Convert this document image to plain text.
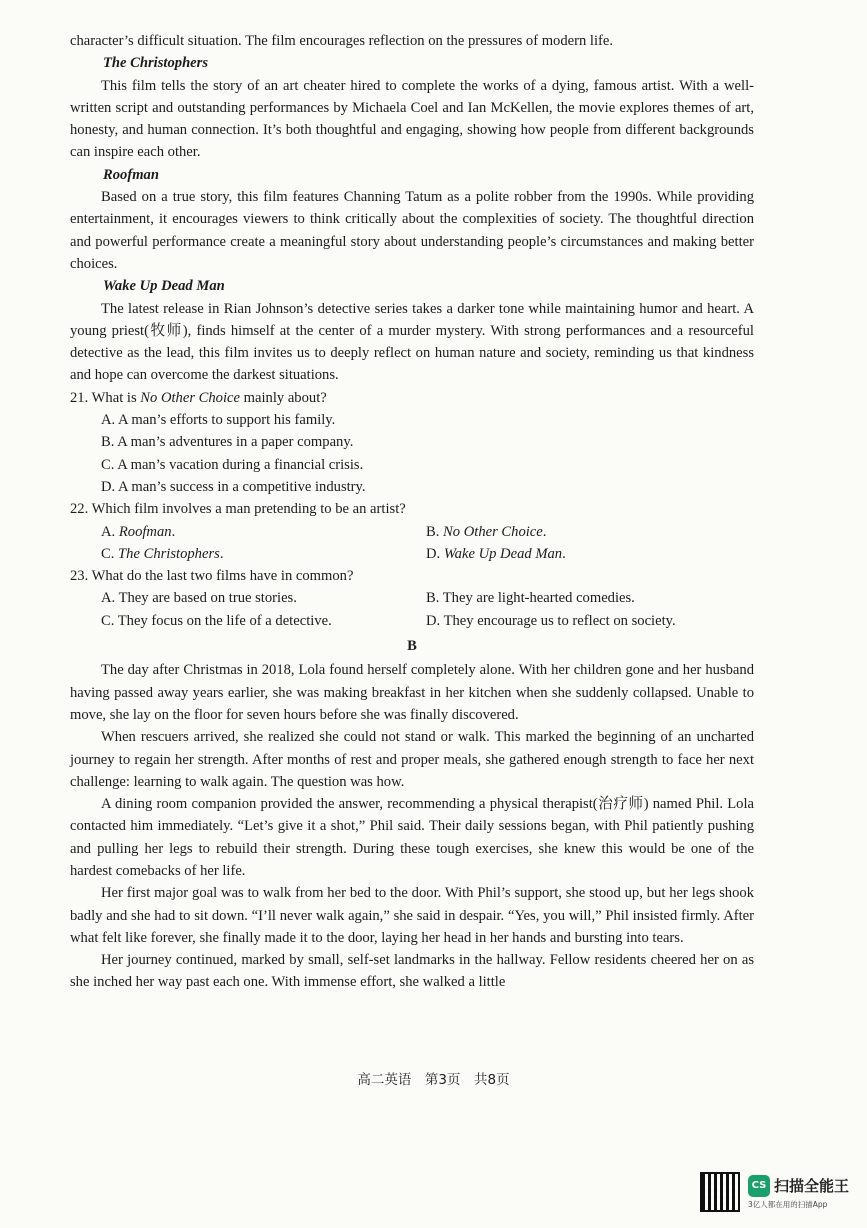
character’s difficult situation. The film encourages reflection on the pressures of modern life.

The Christophers

This film tells the story of an art cheater hired to complete the works of a dying, famous artist. With a well-written script and outstanding performances by Michaela Coel and Ian McKellen, the movie explores themes of art, honesty, and human connection. It’s both thoughtful and engaging, showing how people from different backgrounds can inspire each other.

Roofman

Based on a true story, this film features Channing Tatum as a polite robber from the 1990s. While providing entertainment, it encourages viewers to think critically about the complexities of society. The thoughtful direction and powerful performance create a meaningful story about understanding people’s circumstances and making better choices.

Wake Up Dead Man

The latest release in Rian Johnson’s detective series takes a darker tone while maintaining humor and heart. A young priest(牧师), finds himself at the center of a murder mystery. With strong performances and a resourceful detective as the lead, this film invites us to deeply reflect on human nature and society, reminding us that kindness and hope can overcome the darkest situations.

21. What is No Other Choice mainly about?

A. A man’s efforts to support his family.

B. A man’s adventures in a paper company.

C. A man’s vacation during a financial crisis.

D. A man’s success in a competitive industry.

22. Which film involves a man pretending to be an artist?

A. Roofman.	B. No Other Choice.
C. The Christophers.	D. Wake Up Dead Man.

23. What do the last two films have in common?

A. They are based on true stories.	B. They are light-hearted comedies.
C. They focus on the life of a detective.	D. They encourage us to reflect on society.

B

The day after Christmas in 2018, Lola found herself completely alone. With her children gone and her husband having passed away years earlier, she was making breakfast in her kitchen when she suddenly collapsed. Unable to move, she lay on the floor for seven hours before she was finally discovered.

When rescuers arrived, she realized she could not stand or walk. This marked the beginning of an uncharted journey to regain her strength. After months of rest and proper meals, she gathered enough strength to face her next challenge: learning to walk again. The question was how.

A dining room companion provided the answer, recommending a physical therapist(治疗师) named Phil. Lola contacted him immediately. “Let’s give it a shot,” Phil said. Their daily sessions began, with Phil patiently pushing and pulling her legs to rebuild their strength. During these tough exercises, she knew this would be one of the hardest comebacks of her life.

Her first major goal was to walk from her bed to the door. With Phil’s support, she stood up, but her legs shook badly and she had to sit down. “I’ll never walk again,” she said in despair. “Yes, you will,” Phil insisted firmly. After what felt like forever, she finally made it to the door, laying her head in her hands and bursting into tears.

Her journey continued, marked by small, self-set landmarks in the hallway. Fellow residents cheered her on as she inched her way past each one. With immense effort, she walked a little

高二英语　第3页　共8页
CS 扫描全能王
3亿人都在用的扫描App
